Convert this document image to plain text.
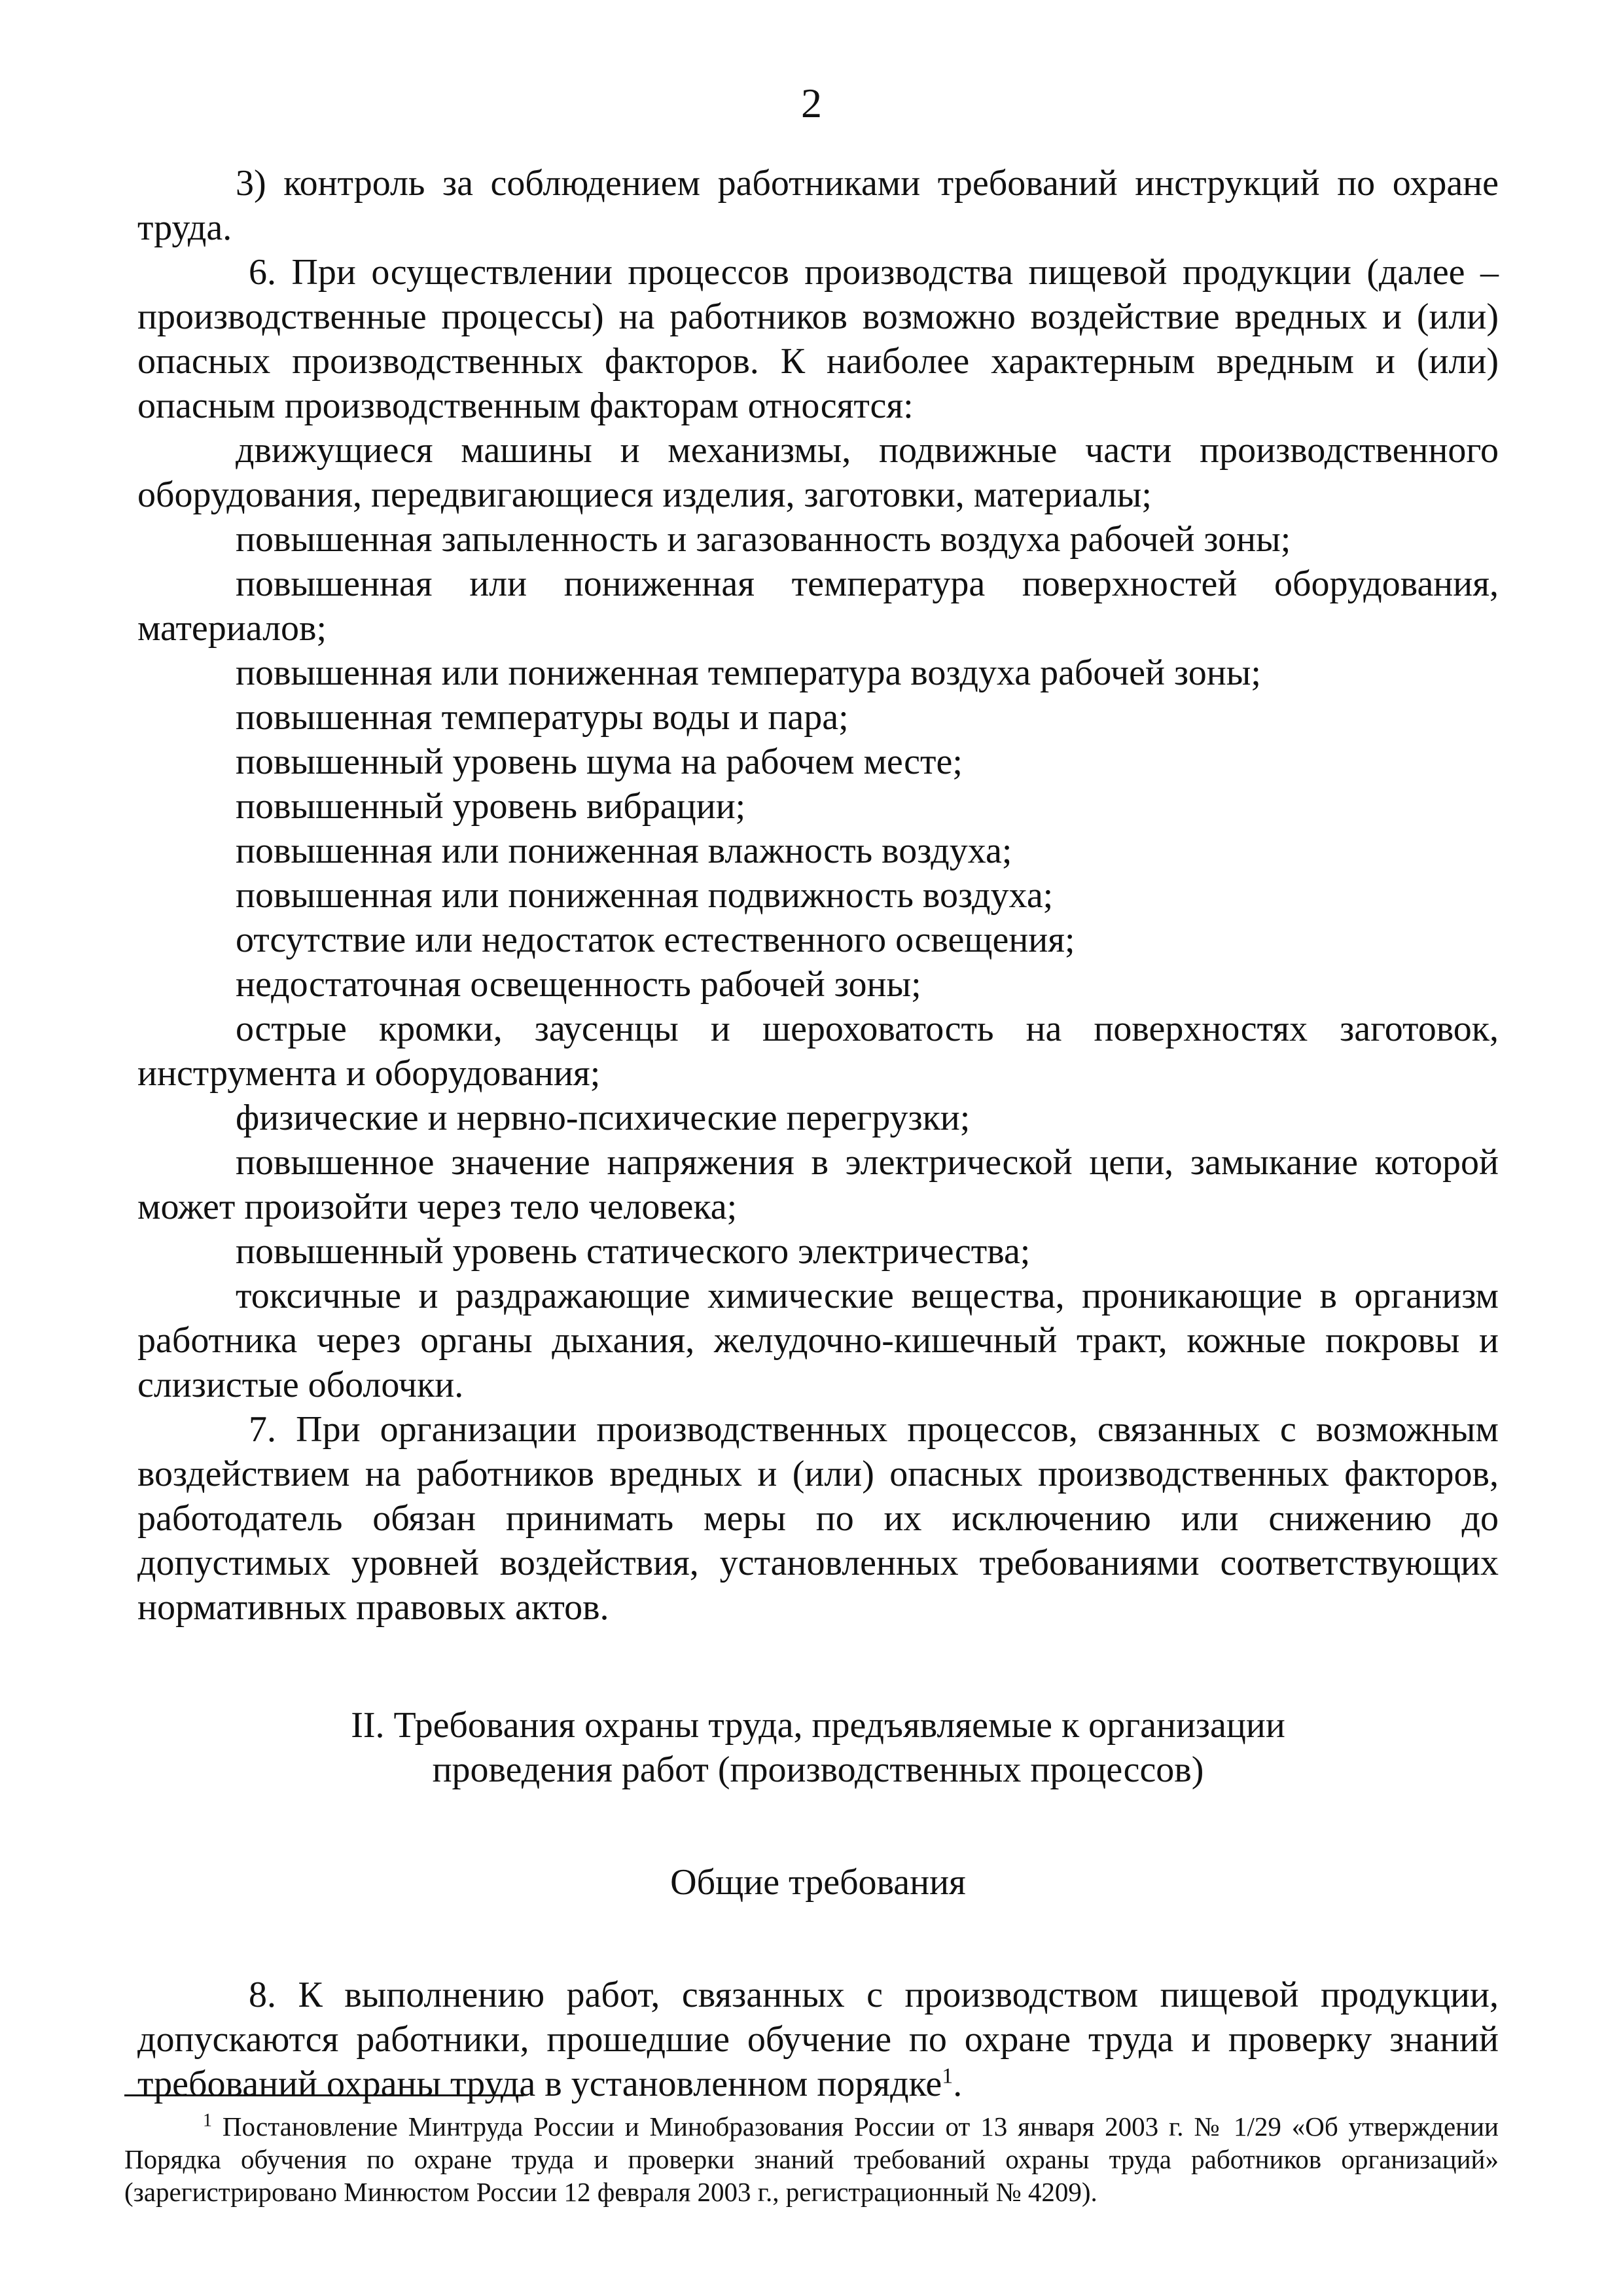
2

3) контроль за соблюдением работниками требований инструкций по охране труда.

6. При осуществлении процессов производства пищевой продукции (далее – производственные процессы) на работников возможно воздействие вредных и (или) опасных производственных факторов. К наиболее характерным вредным и (или) опасным производственным факторам относятся:

движущиеся машины и механизмы, подвижные части производственного оборудования, передвигающиеся изделия, заготовки, материалы;

повышенная запыленность и загазованность воздуха рабочей зоны;

повышенная или пониженная температура поверхностей оборудования, материалов;

повышенная или пониженная температура воздуха рабочей зоны;

повышенная температуры воды и пара;

повышенный уровень шума на рабочем месте;

повышенный уровень вибрации;

повышенная или пониженная влажность воздуха;

повышенная или пониженная подвижность воздуха;

отсутствие или недостаток естественного освещения;

недостаточная освещенность рабочей зоны;

острые кромки, заусенцы и шероховатость на поверхностях заготовок, инструмента и оборудования;

физические и нервно-психические перегрузки;

повышенное значение напряжения в электрической цепи, замыкание которой может произойти через тело человека;

повышенный уровень статического электричества;

токсичные и раздражающие химические вещества, проникающие в организм работника через органы дыхания, желудочно-кишечный тракт, кожные покровы и слизистые оболочки.

7. При организации производственных процессов, связанных с возможным воздействием на работников вредных и (или) опасных производственных факторов, работодатель обязан принимать меры по их исключению или снижению до допустимых уровней воздействия, установленных требованиями соответствующих нормативных правовых актов.

II. Требования охраны труда, предъявляемые к организации
проведения работ (производственных процессов)

Общие требования

8. К выполнению работ, связанных с производством пищевой продукции, допускаются работники, прошедшие обучение по охране труда и проверку знаний требований охраны труда в установленном порядке$^1$.

$^1$ Постановление Минтруда России и Минобразования России от 13 января 2003 г. № 1/29 «Об утверждении Порядка обучения по охране труда и проверки знаний требований охраны труда работников организаций» (зарегистрировано Минюстом России 12 февраля 2003 г., регистрационный № 4209).
